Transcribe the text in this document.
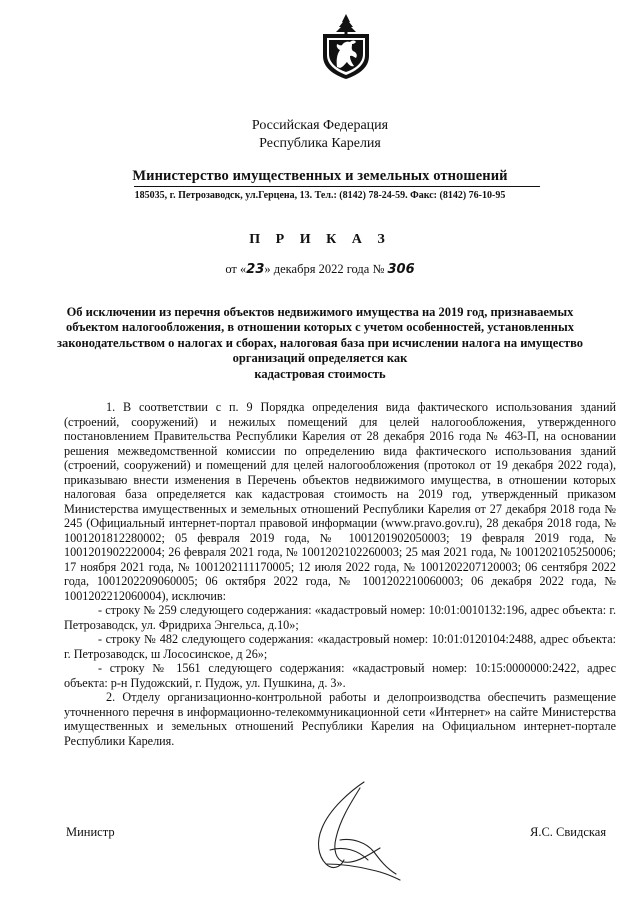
Российская Федерация
Республика Карелия
Министерство имущественных и земельных отношений
185035, г. Петрозаводск, ул.Герцена, 13. Тел.: (8142) 78-24-59. Факс: (8142) 76-10-95
П Р И К А З
от «23» декабря 2022 года № 306
Об исключении из перечня объектов недвижимого имущества на 2019 год, признаваемых
объектом налогообложения, в отношении которых с учетом особенностей, установленных
законодательством о налогах и сборах, налоговая база при исчислении налога на имущество
организаций определяется как
кадастровая стоимость

1. В соответствии с п. 9 Порядка определения вида фактического использования зданий (строений, сооружений) и нежилых помещений для целей налогообложения, утвержденного постановлением Правительства Республики Карелия от 28 декабря 2016 года № 463-П, на основании решения межведомственной комиссии по определению вида фактического использования зданий (строений, сооружений) и помещений для целей налогообложения (протокол от 19 декабря 2022 года), приказываю внести изменения в Перечень объектов недвижимого имущества, в отношении которых налоговая база определяется как кадастровая стоимость на 2019 год, утвержденный приказом Министерства имущественных и земельных отношений Республики Карелия от 27 декабря 2018 года № 245 (Официальный интернет-портал правовой информации (www.pravo.gov.ru), 28 декабря 2018 года, № 1001201812280002; 05 февраля 2019 года, № 1001201902050003; 19 февраля 2019 года, № 1001201902220004; 26 февраля 2021 года, № 1001202102260003; 25 мая 2021 года, № 1001202105250006; 17 ноября 2021 года, № 1001202111170005; 12 июля 2022 года, № 1001202207120003; 06 сентября 2022 года, 1001202209060005; 06 октября 2022 года, № 1001202210060003; 06 декабря 2022 года, № 1001202212060004), исключив:

- строку № 259 следующего содержания: «кадастровый номер: 10:01:0010132:196, адрес объекта: г. Петрозаводск, ул. Фридриха Энгельса, д.10»;

- строку № 482 следующего содержания: «кадастровый номер: 10:01:0120104:2488, адрес объекта: г. Петрозаводск, ш Лососинское, д 26»;

- строку № 1561 следующего содержания: «кадастровый номер: 10:15:0000000:2422, адрес объекта: р-н Пудожский, г. Пудож, ул. Пушкина, д. 3».

2. Отделу организационно-контрольной работы и делопроизводства обеспечить размещение уточненного перечня в информационно-телекоммуникационной сети «Интернет» на сайте Министерства имущественных и земельных отношений Республики Карелия на Официальном интернет-портале Республики Карелия.

Министр	Я.С. Свидская
